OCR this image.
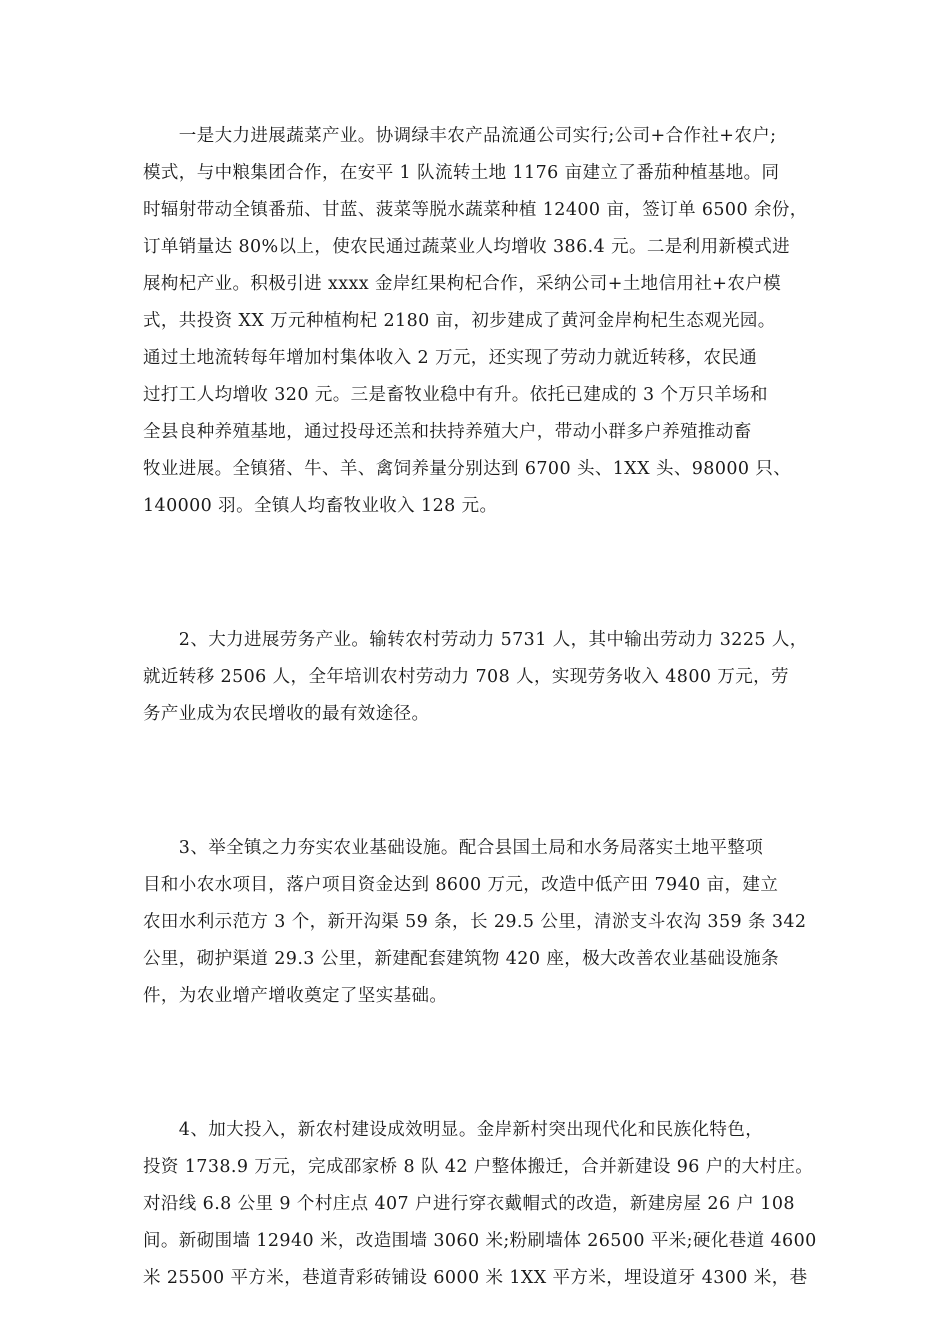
　　一是大力进展蔬菜产业。协调绿丰农产品流通公司实行;公司+合作社+农户;
模式，与中粮集团合作，在安平 1 队流转土地 1176 亩建立了番茄种植基地。同
时辐射带动全镇番茄、甘蓝、菠菜等脱水蔬菜种植 12400 亩，签订单 6500 余份，
订单销量达 80%以上，使农民通过蔬菜业人均增收 386.4 元。二是利用新模式进
展枸杞产业。积极引进 xxxx 金岸红果枸杞合作，采纳公司+土地信用社+农户模
式，共投资 XX 万元种植枸杞 2180 亩，初步建成了黄河金岸枸杞生态观光园。
通过土地流转每年增加村集体收入 2 万元，还实现了劳动力就近转移，农民通
过打工人均增收 320 元。三是畜牧业稳中有升。依托已建成的 3 个万只羊场和
全县良种养殖基地，通过投母还羔和扶持养殖大户，带动小群多户养殖推动畜
牧业进展。全镇猪、牛、羊、禽饲养量分别达到 6700 头、1XX 头、98000 只、
140000 羽。全镇人均畜牧业收入 128 元。
　　2、大力进展劳务产业。输转农村劳动力 5731 人，其中输出劳动力 3225 人，
就近转移 2506 人，全年培训农村劳动力 708 人，实现劳务收入 4800 万元，劳
务产业成为农民增收的最有效途径。
　　3、举全镇之力夯实农业基础设施。配合县国土局和水务局落实土地平整项
目和小农水项目，落户项目资金达到 8600 万元，改造中低产田 7940 亩，建立
农田水利示范方 3 个，新开沟渠 59 条，长 29.5 公里，清淤支斗农沟 359 条 342
公里，砌护渠道 29.3 公里，新建配套建筑物 420 座，极大改善农业基础设施条
件，为农业增产增收奠定了坚实基础。
　　4、加大投入，新农村建设成效明显。金岸新村突出现代化和民族化特色，
投资 1738.9 万元，完成邵家桥 8 队 42 户整体搬迁，合并新建设 96 户的大村庄。
对沿线 6.8 公里 9 个村庄点 407 户进行穿衣戴帽式的改造，新建房屋 26 户 108
间。新砌围墙 12940 米，改造围墙 3060 米;粉刷墙体 26500 平米;硬化巷道 4600
米 25500 平方米，巷道青彩砖铺设 6000 米 1XX 平方米，埋设道牙 4300 米，巷
